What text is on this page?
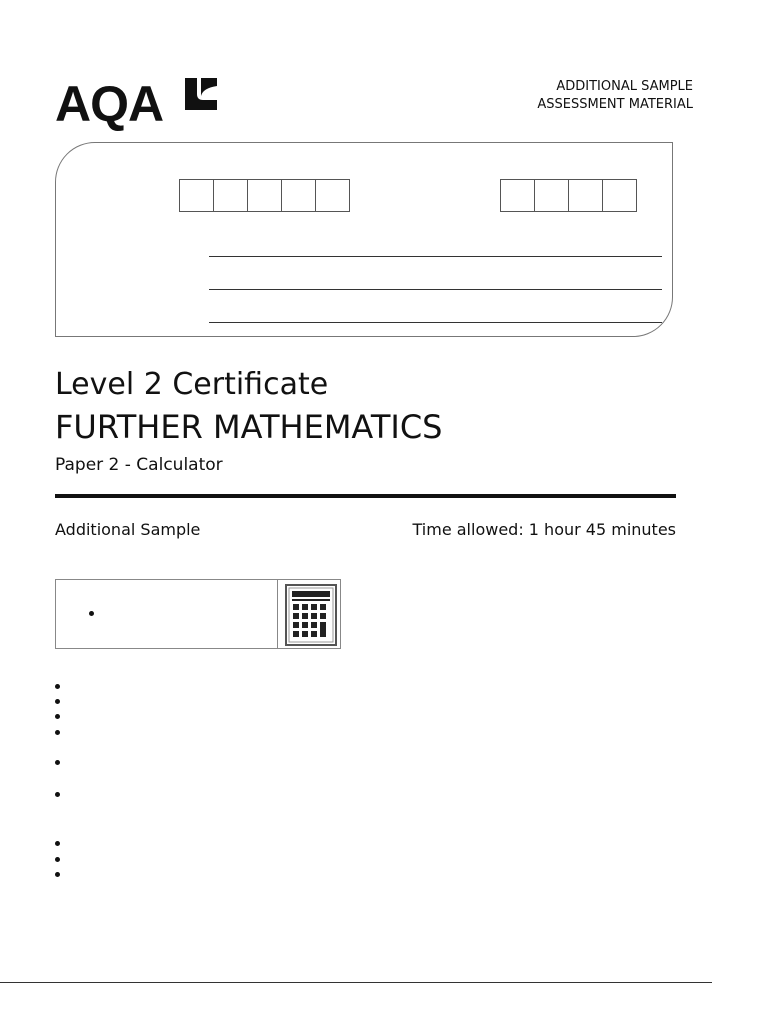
AQA	ADDITIONAL SAMPLE
ASSESSMENT MATERIAL
Level 2 Certificate
FURTHER MATHEMATICS
Paper 2 - Calculator
Additional Sample	Time allowed: 1 hour 45 minutes
